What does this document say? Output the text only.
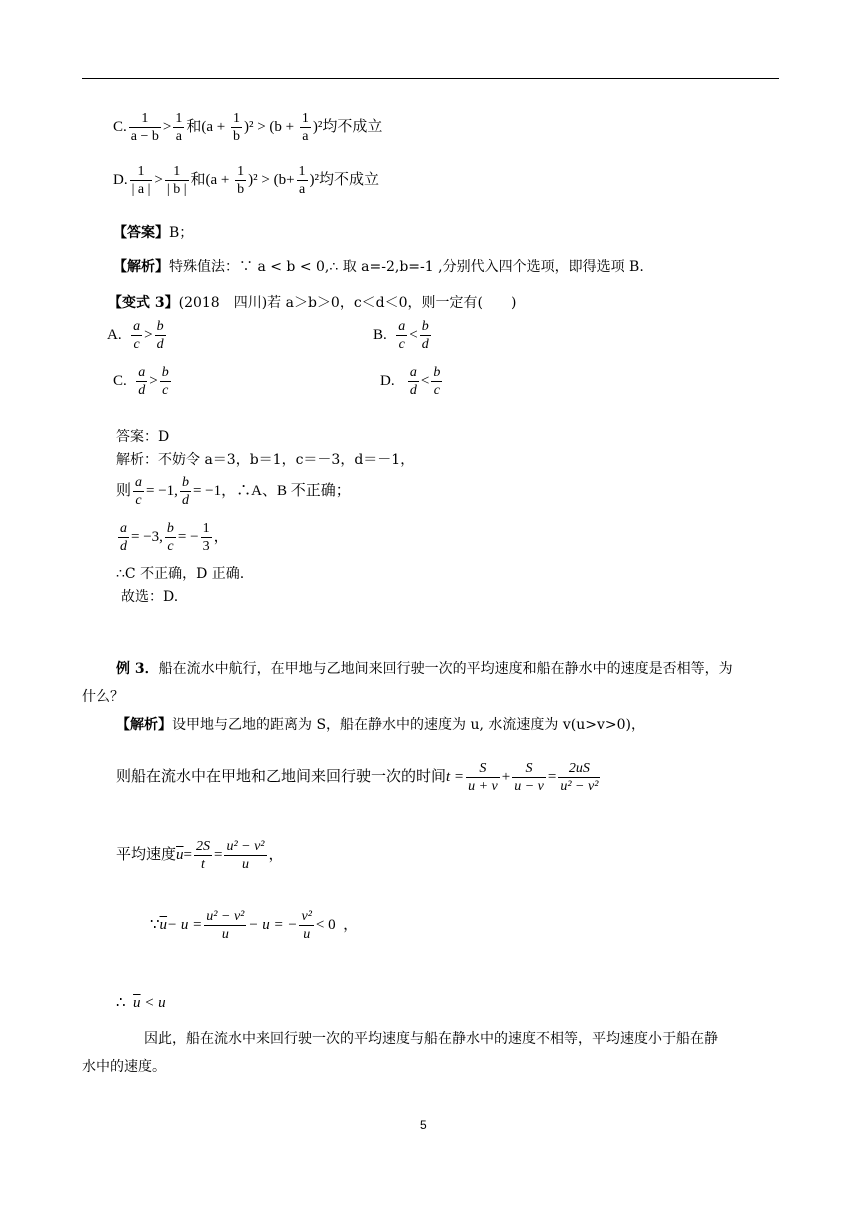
C. $\frac{1}{a - b} > \frac{1}{a}$ 和$(a + \frac{1}{b} )^2 > (b + \frac{1}{a} )^2$均不成立
D. $\frac{1}{| a |} > \frac{1}{| b |}$ 和$(a + \frac{1}{b} )^2 > (b+ \frac{1}{a} )^2$均不成立
【答案】B；
【解析】特殊值法：∵ a < b < 0,∴ 取 a=-2,b=-1 ,分别代入四个选项，即得选项 B.
【变式 3】(2018　四川)若 a＞b＞0，c＜d＜0，则一定有(　　)
A. $\frac{a}{c} > \frac{b}{d}$	B. $\frac{a}{c} < \frac{b}{d}$
C. $\frac{a}{d} > \frac{b}{c}$	D. $\frac{a}{d} < \frac{b}{c}$
答案：D
解析：不妨令 a＝3，b＝1，c＝－3，d＝－1，
则 $\frac{a}{c} = -1$, $\frac{b}{d} = -1$，∴A、B 不正确；
$\frac{a}{d} = -3$, $\frac{b}{c}$ = − $\frac{1}{3}$ ，
∴C 不正确，D 正确.
故选：D.
例 3．船在流水中航行，在甲地与乙地间来回行驶一次的平均速度和船在静水中的速度是否相等，为
什么？
【解析】设甲地与乙地的距离为 S，船在静水中的速度为 u, 水流速度为 v(u>v>0)，
则船在流水中在甲地和乙地间来回行驶一次的时间$t = \frac{S}{u + v} + \frac{S}{u - v} = \frac{2uS}{\text{u² − v²}}$
平均速度$\overline{u}= \frac{2S}{t} = \frac{\text{u² − v²}}{u}$ ，
$\because\overline{u}- u = \frac{\text{u² − v²}}{u} - u$ = − $\frac{\text{v²}}{u} < 0$ ，
∴ $\overline{u} < u$
因此，船在流水中来回行驶一次的平均速度与船在静水中的速度不相等，平均速度小于船在静
水中的速度。
5
